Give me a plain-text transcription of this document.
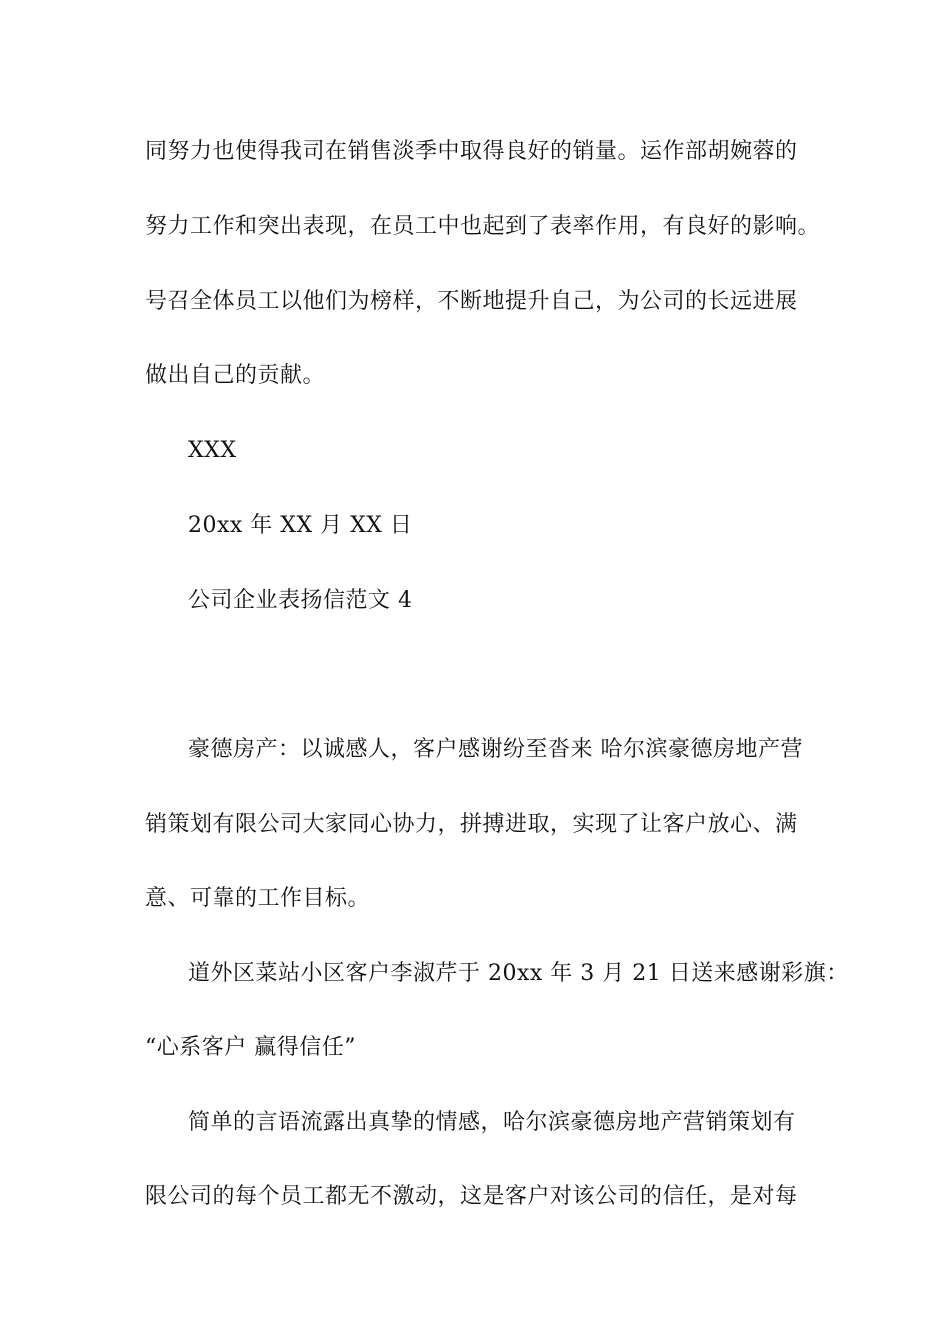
同努力也使得我司在销售淡季中取得良好的销量。运作部胡婉蓉的
努力工作和突出表现，在员工中也起到了表率作用，有良好的影响。
号召全体员工以他们为榜样，不断地提升自己，为公司的长远进展
做出自己的贡献。
XXX
20xx 年 XX 月 XX 日
公司企业表扬信范文 4
豪德房产：以诚感人，客户感谢纷至沓来 哈尔滨豪德房地产营
销策划有限公司大家同心协力，拼搏进取，实现了让客户放心、满
意、可靠的工作目标。
道外区菜站小区客户李淑芹于 20xx 年 3 月 21 日送来感谢彩旗：
“心系客户 赢得信任”
简单的言语流露出真挚的情感，哈尔滨豪德房地产营销策划有
限公司的每个员工都无不激动，这是客户对该公司的信任，是对每
